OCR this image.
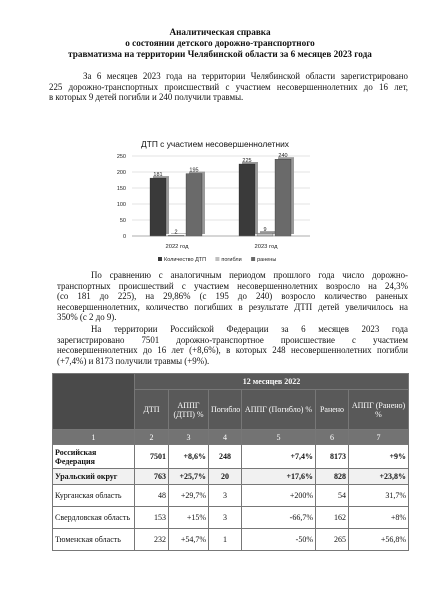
Аналитическая справка
о состоянии детского дорожно-транспортного
травматизма на территории Челябинской области за 6 месяцев 2023 года
За 6 месяцев 2023 года на территории Челябинской области зарегистрировано
225 дорожно-транспортных происшествий с участием несовершеннолетних до 16 лет,
в которых 9 детей погибли и 240 получили травмы.
ДТП с участием несовершеннолетних
0
50
100
150
200
250
181
2
195
225
9
240
2022 год	2023 год
Количество ДТП	погибли	ранены
По сравнению с аналогичным периодом прошлого года число дорожно-
транспортных происшествий с участием несовершеннолетних возросло на 24,3%
(со 181 до 225), на 29,86% (с 195 до 240) возросло количество раненых
несовершеннолетних, количество погибших в результате ДТП детей увеличилось на
350% (с 2 до 9).
На территории Российской Федерации за 6 месяцев 2023 года
зарегистрировано 7501 дорожно-транспортное происшествие с участием
несовершеннолетних до 16 лет (+8,6%), в которых 248 несовершеннолетних погибли
(+7,4%) и 8173 получили травмы (+9%).
	12 месяцев 2022					
	ДТП	АППГ (ДТП) %	Погибло	АППГ (Погибло) %	Ранено	АППГ (Ранено) %
1	2	3	4	5	6	7
Российская Федерация	7501	+8,6%	248	+7,4%	8173	+9%
Уральский округ	763	+25,7%	20	+17,6%	828	+23,8%
Курганская область	48	+29,7%	3	+200%	54	31,7%
Свердловская область	153	+15%	3	-66,7%	162	+8%
Тюменская область	232	+54,7%	1	-50%	265	+56,8%
